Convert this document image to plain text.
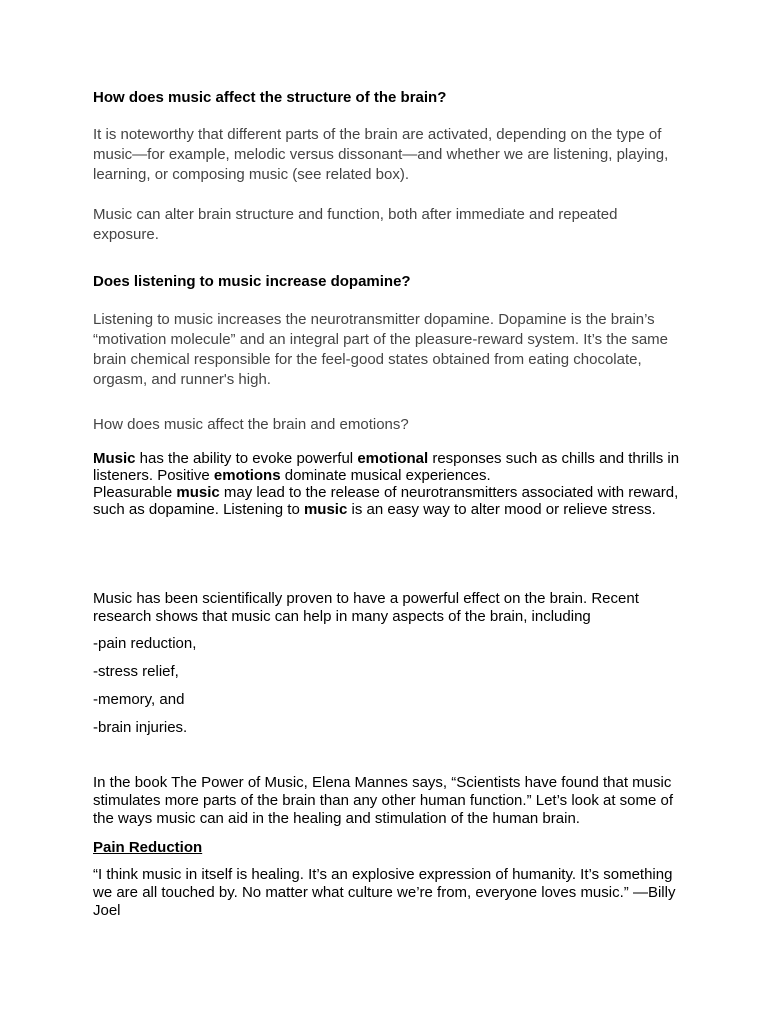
How does music affect the structure of the brain?

It is noteworthy that different parts of the brain are activated, depending on the type of music—for example, melodic versus dissonant—and whether we are listening, playing, learning, or composing music (see related box).

Music can alter brain structure and function, both after immediate and repeated exposure.

Does listening to music increase dopamine?

Listening to music increases the neurotransmitter dopamine. Dopamine is the brain’s “motivation molecule” and an integral part of the pleasure-reward system. It’s the same brain chemical responsible for the feel-good states obtained from eating chocolate, orgasm, and runner's high.

How does music affect the brain and emotions?

Music has the ability to evoke powerful emotional responses such as chills and thrills in listeners. Positive emotions dominate musical experiences.

Pleasurable music may lead to the release of neurotransmitters associated with reward, such as dopamine. Listening to music is an easy way to alter mood or relieve stress.

Music has been scientifically proven to have a powerful effect on the brain. Recent research shows that music can help in many aspects of the brain, including

-pain reduction,

-stress relief,

-memory, and

-brain injuries.

In the book The Power of Music, Elena Mannes says, “Scientists have found that music stimulates more parts of the brain than any other human function.” Let’s look at some of the ways music can aid in the healing and stimulation of the human brain.

Pain Reduction

“I think music in itself is healing. It’s an explosive expression of humanity. It’s something we are all touched by. No matter what culture we’re from, everyone loves music.” —Billy Joel
